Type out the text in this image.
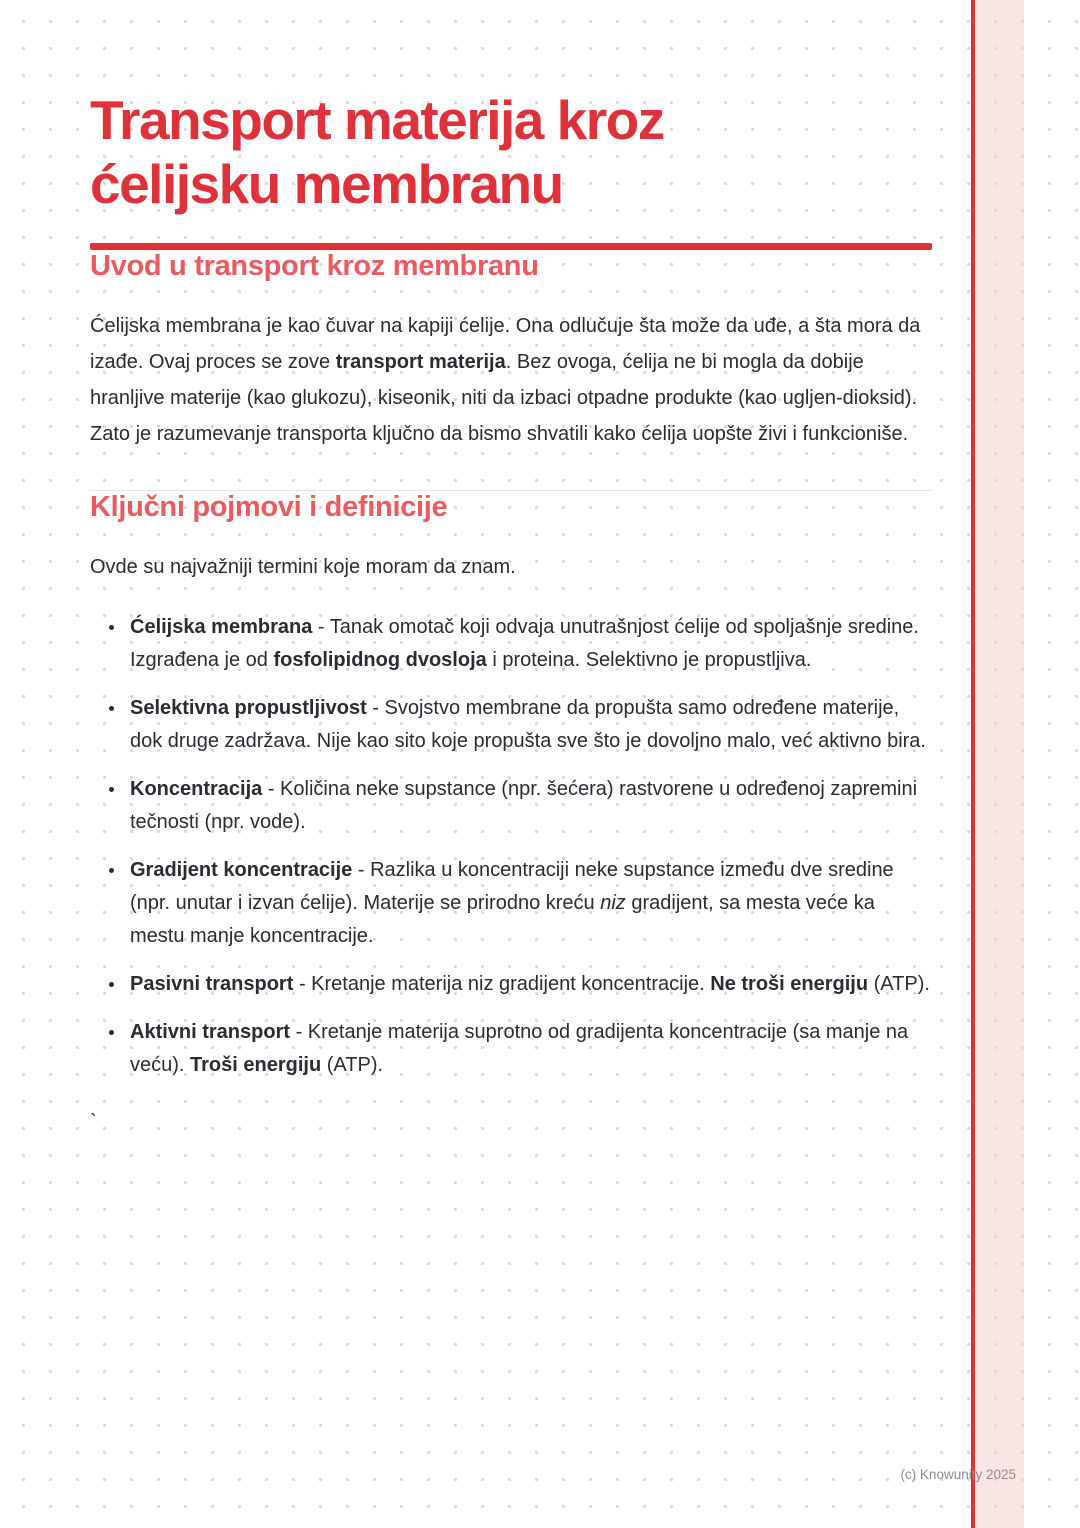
Transport materija kroz
ćelijsku membranu
Uvod u transport kroz membranu

Ćelijska membrana je kao čuvar na kapiji ćelije. Ona odlučuje šta može da uđe, a šta mora da izađe. Ovaj proces se zove transport materija. Bez ovoga, ćelija ne bi mogla da dobije hranljive materije (kao glukozu), kiseonik, niti da izbaci otpadne produkte (kao ugljen-dioksid). Zato je razumevanje transporta ključno da bismo shvatili kako ćelija uopšte živi i funkcioniše.

Ključni pojmovi i definicije

Ovde su najvažniji termini koje moram da znam.

• Ćelijska membrana - Tanak omotač koji odvaja unutrašnjost ćelije od spoljašnje sredine. Izgrađena je od fosfolipidnog dvosloja i proteina. Selektivno je propustljiva.
• Selektivna propustljivost - Svojstvo membrane da propušta samo određene materije, dok druge zadržava. Nije kao sito koje propušta sve što je dovoljno malo, već aktivno bira.
• Koncentracija - Količina neke supstance (npr. šećera) rastvorene u određenoj zapremini tečnosti (npr. vode).
• Gradijent koncentracije - Razlika u koncentraciji neke supstance između dve sredine (npr. unutar i izvan ćelije). Materije se prirodno kreću niz gradijent, sa mesta veće ka mestu manje koncentracije.
• Pasivni transport - Kretanje materija niz gradijent koncentracije. Ne troši energiju (ATP).
• Aktivni transport - Kretanje materija suprotno od gradijenta koncentracije (sa manje na veću). Troši energiju (ATP).
`
(c) Knowunity 2025
